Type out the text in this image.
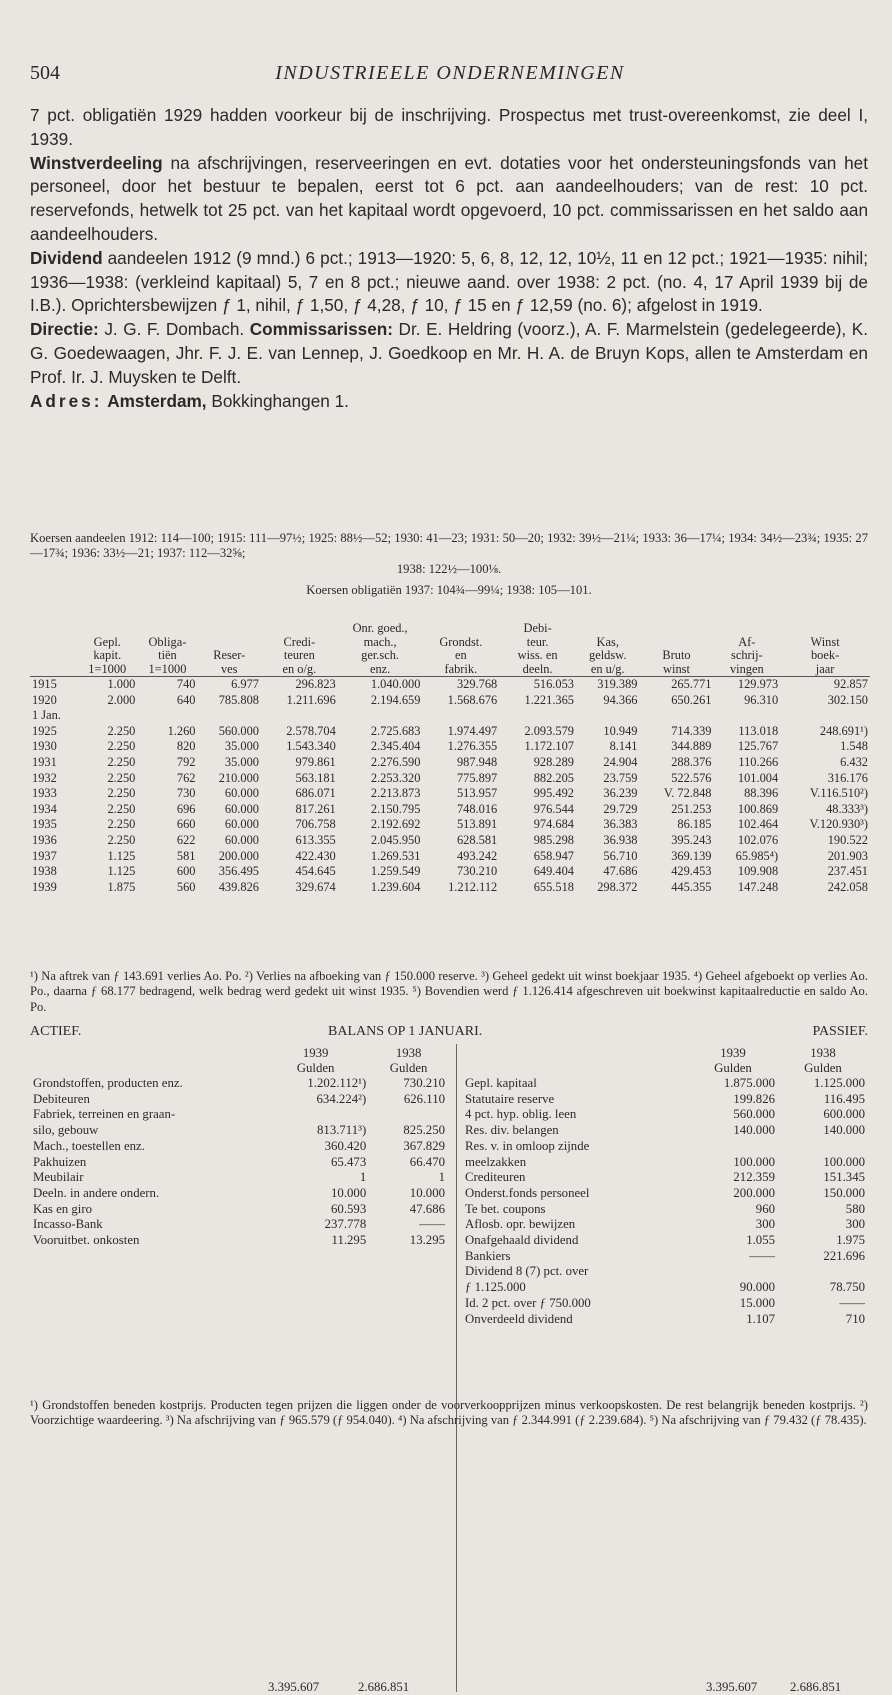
504	INDUSTRIEELE ONDERNEMINGEN

7 pct. obligatiën 1929 hadden voorkeur bij de inschrijving. Prospectus met trust-overeenkomst, zie deel I, 1939.

Winstverdeeling na afschrijvingen, reserveeringen en evt. dotaties voor het ondersteuningsfonds van het personeel, door het bestuur te bepalen, eerst tot 6 pct. aan aandeelhouders; van de rest: 10 pct. reservefonds, hetwelk tot 25 pct. van het kapitaal wordt opgevoerd, 10 pct. commissarissen en het saldo aan aandeelhouders.

Dividend aandeelen 1912 (9 mnd.) 6 pct.; 1913—1920: 5, 6, 8, 12, 12, 10½, 11 en 12 pct.; 1921—1935: nihil; 1936—1938: (verkleind kapitaal) 5, 7 en 8 pct.; nieuwe aand. over 1938: 2 pct. (no. 4, 17 April 1939 bij de I.B.). Oprichtersbewijzen ƒ 1, nihil, ƒ 1,50, ƒ 4,28, ƒ 10, ƒ 15 en ƒ 12,59 (no. 6); afgelost in 1919.

Directie: J. G. F. Dombach. Commissarissen: Dr. E. Heldring (voorz.), A. F. Marmelstein (gedelegeerde), K. G. Goedewaagen, Jhr. F. J. E. van Lennep, J. Goedkoop en Mr. H. A. de Bruyn Kops, allen te Amsterdam en Prof. Ir. J. Muysken te Delft.

Adres: Amsterdam, Bokkinghangen 1.

Koersen aandeelen 1912: 114—100; 1915: 111—97½; 1925: 88½—52; 1930: 41—23; 1931: 50—20; 1932: 39½—21¼; 1933: 36—17¼; 1934: 34½—23¾; 1935: 27—17¾; 1936: 33½—21; 1937: 112—32⅝;
1938: 122½—100⅛.
Koersen obligatiën 1937: 104¾—99¼; 1938: 105—101.
					Onr. goed.,		Debi-				
	Gepl.	Obliga-		Credi-	mach.,	Grondst.	teur.	Kas,		Af-	Winst
	kapit.	tiën	Reser-	teuren	ger.sch.	en	wiss. en	geldsw.	Bruto	schrij-	boek-
	1=1000	1=1000	ves	en o/g.	enz.	fabrik.	deeln.	en u/g.	winst	vingen	jaar
1915	1.000	740	6.977	296.823	1.040.000	329.768	516.053	319.389	265.771	129.973	92.857
1920	2.000	640	785.808	1.211.696	2.194.659	1.568.676	1.221.365	94.366	650.261	96.310	302.150
1 Jan.											
1925	2.250	1.260	560.000	2.578.704	2.725.683	1.974.497	2.093.579	10.949	714.339	113.018	248.691¹)
1930	2.250	820	35.000	1.543.340	2.345.404	1.276.355	1.172.107	8.141	344.889	125.767	1.548
1931	2.250	792	35.000	979.861	2.276.590	987.948	928.289	24.904	288.376	110.266	6.432
1932	2.250	762	210.000	563.181	2.253.320	775.897	882.205	23.759	522.576	101.004	316.176
1933	2.250	730	60.000	686.071	2.213.873	513.957	995.492	36.239	V. 72.848	88.396	V.116.510²)
1934	2.250	696	60.000	817.261	2.150.795	748.016	976.544	29.729	251.253	100.869	48.333³)
1935	2.250	660	60.000	706.758	2.192.692	513.891	974.684	36.383	86.185	102.464	V.120.930³)
1936	2.250	622	60.000	613.355	2.045.950	628.581	985.298	36.938	395.243	102.076	190.522
1937	1.125	581	200.000	422.430	1.269.531	493.242	658.947	56.710	369.139	65.985⁴)	201.903
1938	1.125	600	356.495	454.645	1.259.549	730.210	649.404	47.686	429.453	109.908	237.451
1939	1.875	560	439.826	329.674	1.239.604	1.212.112	655.518	298.372	445.355	147.248	242.058
¹) Na aftrek van ƒ 143.691 verlies Ao. Po. ²) Verlies na afboeking van ƒ 150.000 reserve. ³) Geheel gedekt uit winst boekjaar 1935. ⁴) Geheel afgeboekt op verlies Ao. Po., daarna ƒ 68.177 bedragend, welk bedrag werd gedekt uit winst 1935. ⁵) Bovendien werd ƒ 1.126.414 afgeschreven uit boekwinst kapitaalreductie en saldo Ao. Po.
ACTIEF.	BALANS OP 1 JANUARI.	PASSIEF.
	1939	1938
	Gulden	Gulden
Grondstoffen, producten enz.	1.202.112¹)	730.210
Debiteuren	634.224²)	626.110
Fabriek, terreinen en graan-		
silo, gebouw	813.711³)	825.250
Mach., toestellen enz.	360.420	367.829
Pakhuizen	65.473	66.470
Meubilair	1	1
Deeln. in andere ondern.	10.000	10.000
Kas en giro	60.593	47.686
Incasso-Bank	237.778	——
Vooruitbet. onkosten	11.295	13.295
	1939	1938
	Gulden	Gulden
Gepl. kapitaal	1.875.000	1.125.000
Statutaire reserve	199.826	116.495
4 pct. hyp. oblig. leen	560.000	600.000
Res. div. belangen	140.000	140.000
Res. v. in omloop zijnde		
meelzakken	100.000	100.000
Crediteuren	212.359	151.345
Onderst.fonds personeel	200.000	150.000
Te bet. coupons	960	580
Aflosb. opr. bewijzen	300	300
Onafgehaald dividend	1.055	1.975
Bankiers	——	221.696
Dividend 8 (7) pct. over		
ƒ 1.125.000	90.000	78.750
Id. 2 pct. over ƒ 750.000	15.000	——
Onverdeeld dividend	1.107	710
3.395.607	2.686.851	3.395.607	2.686.851
¹) Grondstoffen beneden kostprijs. Producten tegen prijzen die liggen onder de voorverkoopprijzen minus verkoopskosten. De rest belangrijk beneden kostprijs. ²) Voorzichtige waardeering. ³) Na afschrijving van ƒ 965.579 (ƒ 954.040). ⁴) Na afschrijving van ƒ 2.344.991 (ƒ 2.239.684). ⁵) Na afschrijving van ƒ 79.432 (ƒ 78.435).
